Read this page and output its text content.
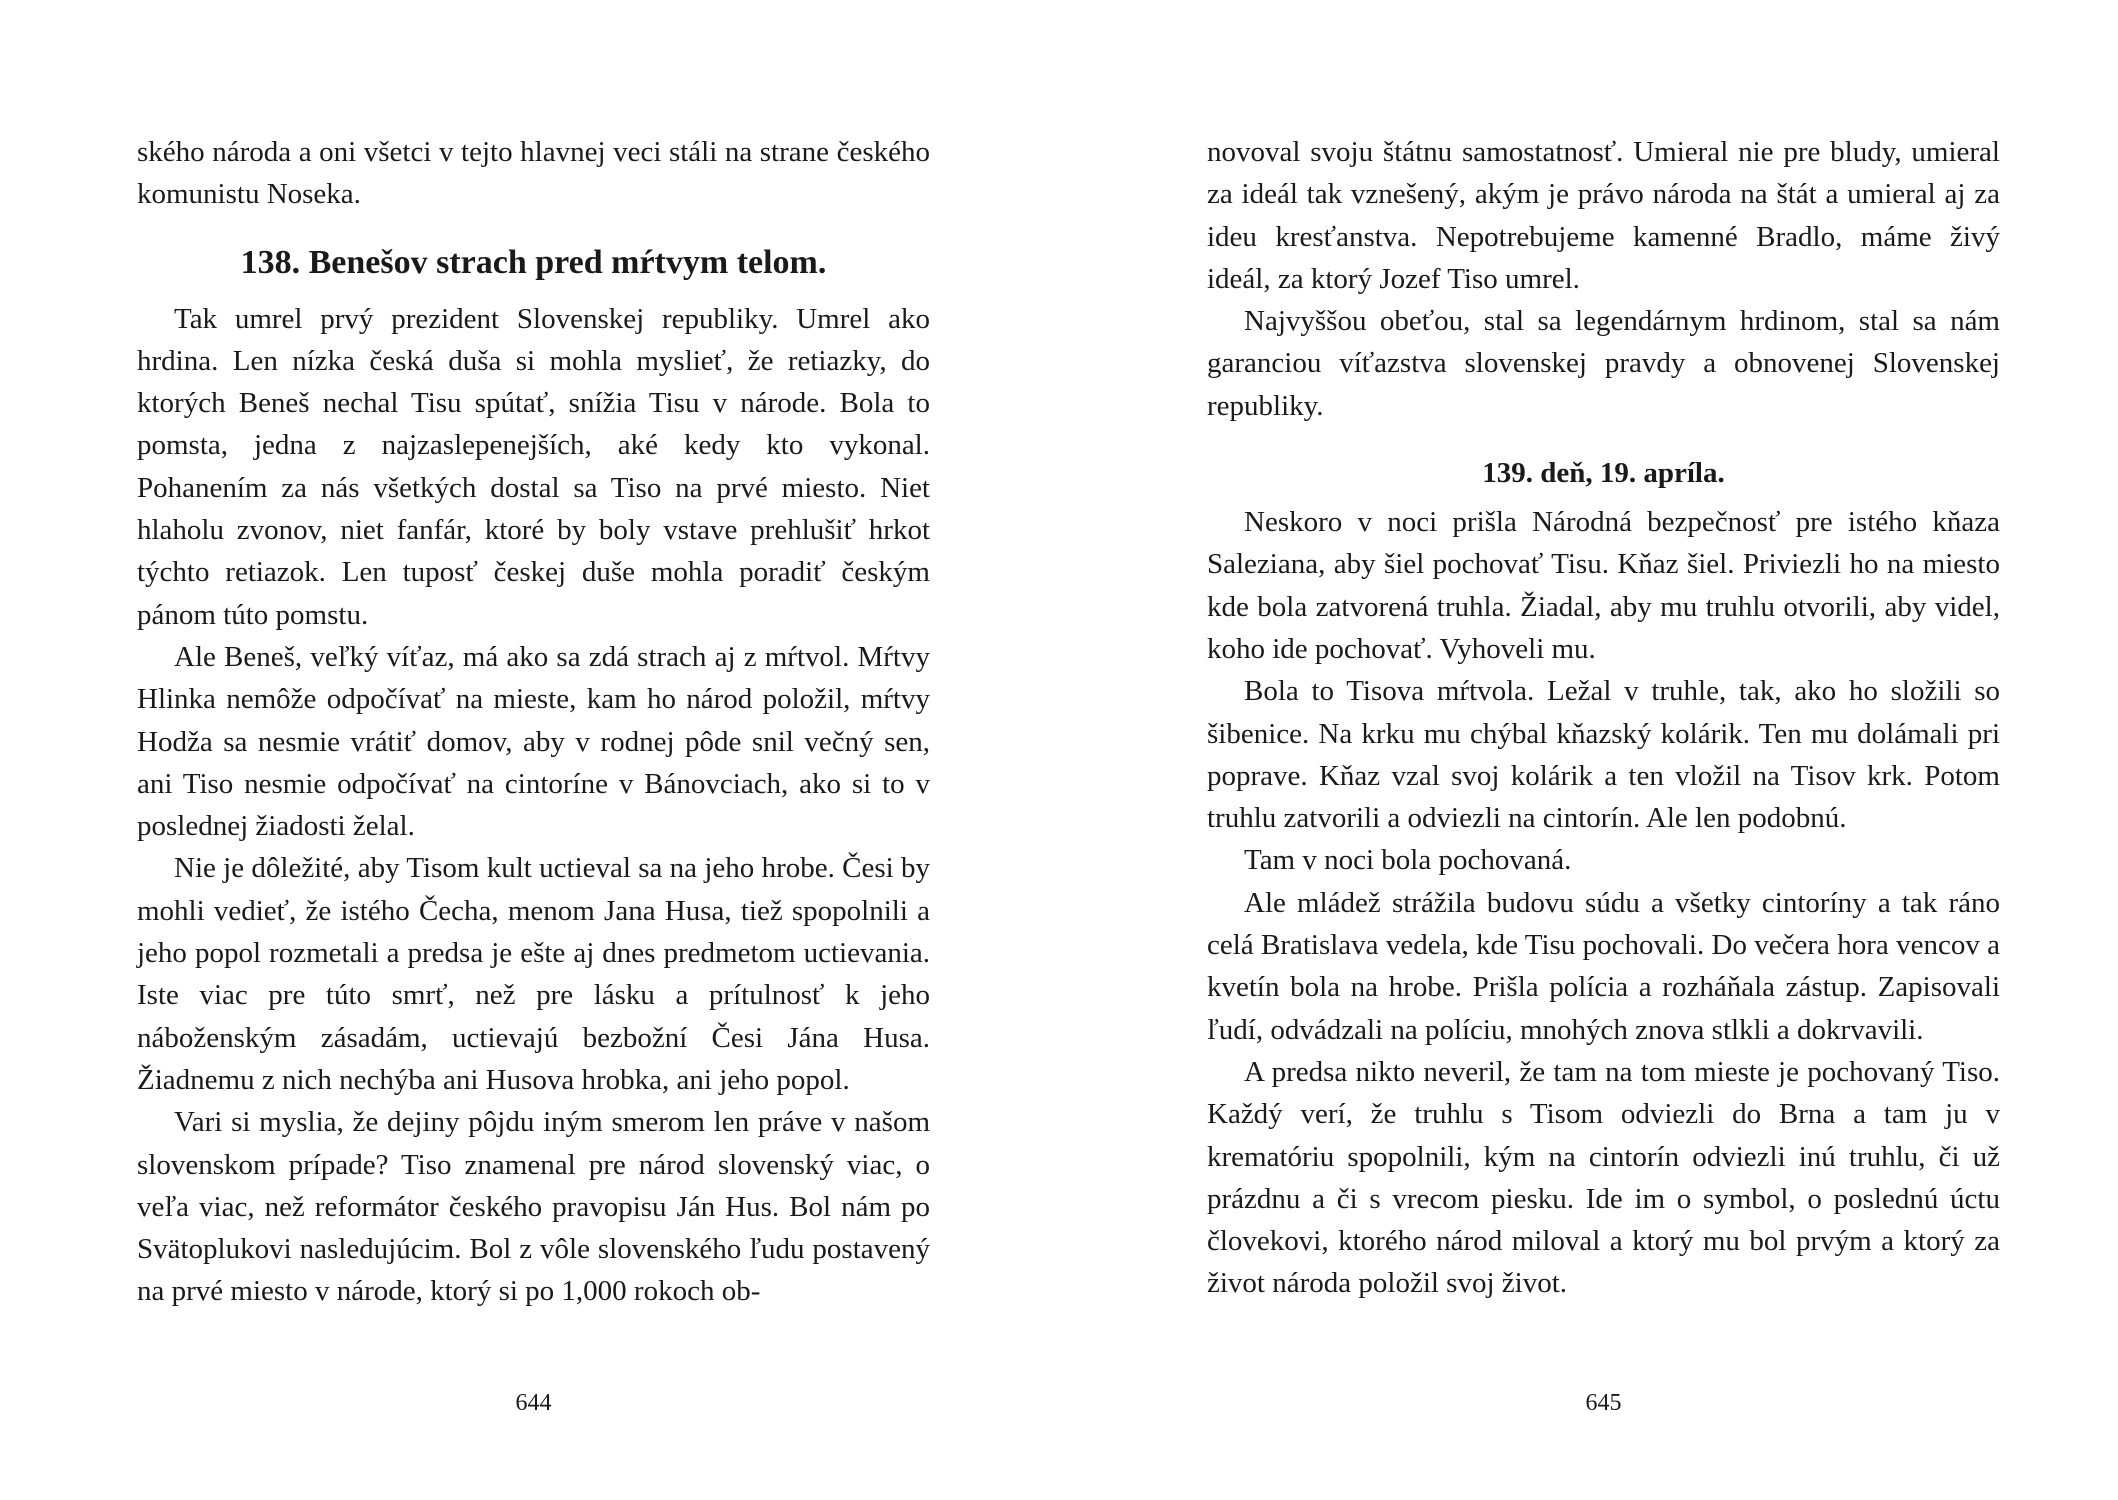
ského národa a oni všetci v tejto hlavnej veci stáli na strane českého komunistu Noseka.

138. Benešov strach pred mŕtvym telom.

Tak umrel prvý prezident Slovenskej republiky. Umrel ako hrdina. Len nízka česká duša si mohla myslieť, že retiazky, do ktorých Beneš nechal Tisu spútať, snížia Tisu v národe. Bola to pomsta, jedna z najzaslepenejších, aké kedy kto vykonal. Pohanením za nás všetkých dostal sa Tiso na prvé miesto. Niet hlaholu zvonov, niet fanfár, ktoré by boly vstave prehlušiť hrkot týchto retiazok. Len tuposť českej duše mohla poradiť českým pánom túto pomstu.

Ale Beneš, veľký víťaz, má ako sa zdá strach aj z mŕtvol. Mŕtvy Hlinka nemôže odpočívať na mieste, kam ho národ položil, mŕtvy Hodža sa nesmie vrátiť domov, aby v rodnej pôde snil večný sen, ani Tiso nesmie odpočívať na cintoríne v Bánovciach, ako si to v poslednej žiadosti želal.

Nie je dôležité, aby Tisom kult uctieval sa na jeho hrobe. Česi by mohli vedieť, že istého Čecha, menom Jana Husa, tiež spopolnili a jeho popol rozmetali a predsa je ešte aj dnes predmetom uctievania. Iste viac pre túto smrť, než pre lásku a prítulnosť k jeho náboženským zásadám, uctievajú bezbožní Česi Jána Husa. Žiadnemu z nich nechýba ani Husova hrobka, ani jeho popol.

Vari si myslia, že dejiny pôjdu iným smerom len práve v našom slovenskom prípade? Tiso znamenal pre národ slovenský viac, o veľa viac, než reformátor českého pravopisu Ján Hus. Bol nám po Svätoplukovi nasledujúcim. Bol z vôle slovenského ľudu postavený na prvé miesto v národe, ktorý si po 1,000 rokoch ob-

644

novoval svoju štátnu samostatnosť. Umieral nie pre bludy, umieral za ideál tak vznešený, akým je právo národa na štát a umieral aj za ideu kresťanstva. Nepotrebujeme kamenné Bradlo, máme živý ideál, za ktorý Jozef Tiso umrel.

Najvyššou obeťou, stal sa legendárnym hrdinom, stal sa nám garanciou víťazstva slovenskej pravdy a obnovenej Slovenskej republiky.

139. deň, 19. apríla.

Neskoro v noci prišla Národná bezpečnosť pre istého kňaza Saleziana, aby šiel pochovať Tisu. Kňaz šiel. Priviezli ho na miesto kde bola zatvorená truhla. Žiadal, aby mu truhlu otvorili, aby videl, koho ide pochovať. Vyhoveli mu.

Bola to Tisova mŕtvola. Ležal v truhle, tak, ako ho složili so šibenice. Na krku mu chýbal kňazský kolárik. Ten mu dolámali pri poprave. Kňaz vzal svoj kolárik a ten vložil na Tisov krk. Potom truhlu zatvorili a odviezli na cintorín. Ale len podobnú.

Tam v noci bola pochovaná.

Ale mládež strážila budovu súdu a všetky cintoríny a tak ráno celá Bratislava vedela, kde Tisu pochovali. Do večera hora vencov a kvetín bola na hrobe. Prišla polícia a rozháňala zástup. Zapisovali ľudí, odvádzali na políciu, mnohých znova stlkli a dokrvavili.

A predsa nikto neveril, že tam na tom mieste je pochovaný Tiso. Každý verí, že truhlu s Tisom odviezli do Brna a tam ju v krematóriu spopolnili, kým na cintorín odviezli inú truhlu, či už prázdnu a či s vrecom piesku. Ide im o symbol, o poslednú úctu človekovi, ktorého národ miloval a ktorý mu bol prvým a ktorý za život národa položil svoj život.

645
